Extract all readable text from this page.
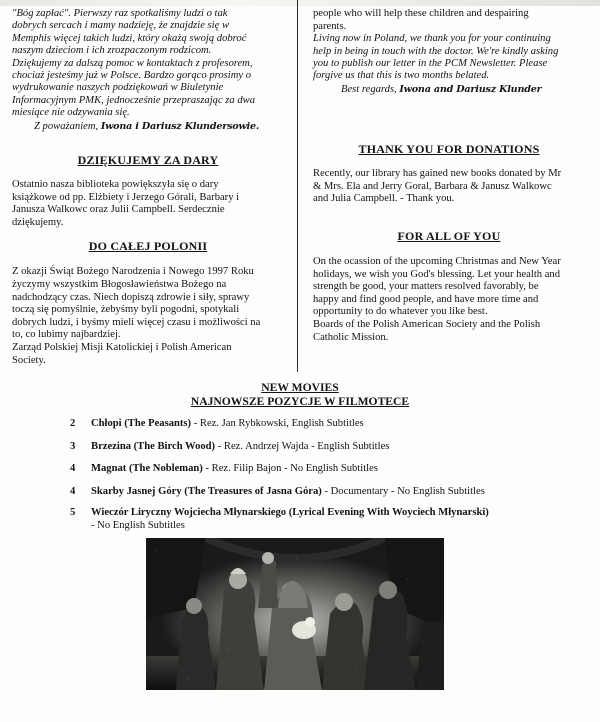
"Bóg zapłać". Pierwszy raz spotkaliśmy ludzi o tak

dobrych sercach i mamy nadzieję, że znajdzie się w

Memphis więcej takich ludzi, który okażą swoją dobroć

naszym dzieciom i ich zrozpaczonym rodzicom.

Dziękujemy za dalszą pomoc w kontaktach z profesorem,

chociaż jesteśmy już w Polsce. Bardzo gorąco prosimy o

wydrukowanie naszych podziękowań w Biuletynie

Informacyjnym PMK, jednocześnie przepraszając za dwa

miesiące nie odzywania się.

Z poważaniem, Iwona i Dariusz Klundersowie.

DZIĘKUJEMY ZA DARY

Ostatnio nasza biblioteka powiększyła się o dary

książkowe od pp. Elżbiety i Jerzego Górali, Barbary i

Janusza Walkowc oraz Julii Campbell. Serdecznie

dziękujemy.

DO CAŁEJ POLONII

Z okazji Świąt Bożego Narodzenia i Nowego 1997 Roku

życzymy wszystkim Błogosławieństwa Bożego na

nadchodzący czas. Niech dopiszą zdrowie i siły, sprawy

toczą się pomyślnie, żebyśmy byli pogodni, spotykali

dobrych ludzi, i byśmy mieli więcej czasu i możliwości na

to, co lubimy najbardziej.

Zarząd Polskiej Misji Katolickiej i Polish American

Society.

people who will help these children and despairing

parents.

Living now in Poland, we thank you for your continuing

help in being in touch with the doctor. We're kindly asking

you to publish our letter in the PCM Newsletter. Please

forgive us that this is two months belated.

Best regards, Iwona and Dariusz Klunder

THANK YOU FOR DONATIONS

Recently, our library has gained new books donated by Mr

& Mrs. Ela and Jerry Goral, Barbara & Janusz Walkowc

and Julia Campbell. - Thank you.

FOR ALL OF YOU

On the ocassion of the upcoming Christmas and New Year

holidays, we wish you God's blessing. Let your health and

strength be good, your matters resolved favorably, be

happy and find good people, and have more time and

opportunity to do whatever you like best.

Boards of the Polish American Society and the Polish

Catholic Mission.

NEW MOVIES
NAJNOWSZE POZYCJE W FILMOTECE
2 Chłopi (The Peasants) - Rez. Jan Rybkowski, English Subtitles
3 Brzezina (The Birch Wood) - Rez. Andrzej Wajda - English Subtitles
4 Magnat (The Nobleman) - Rez. Filip Bajon - No English Subtitles
4 Skarby Jasnej Góry (The Treasures of Jasna Góra) - Documentary - No English Subtitles
5 Wieczór Liryczny Wojciecha Młynarskiego (Lyrical Evening With Woyciech Młynarski)
- No English Subtitles
